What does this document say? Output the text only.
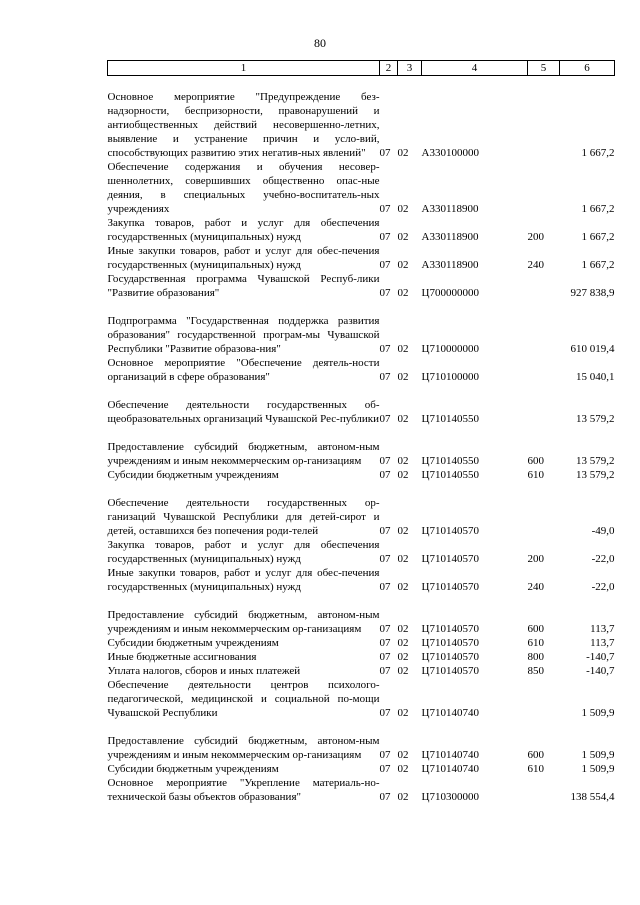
80
1	2	3	4	5	6
Основное мероприятие "Предупреждение без-надзорности, беспризорности, правонарушений и антиобщественных действий несовершенно-летних, выявление и устранение причин и усло-вий, способствующих развитию этих негатив-ных явлений"	07	02	А330100000		1 667,2
Обеспечение содержания и обучения несовер-шеннолетних, совершивших общественно опас-ные деяния, в специальных учебно-воспитатель-ных учреждениях	07	02	А330118900		1 667,2
Закупка товаров, работ и услуг для обеспечения государственных (муниципальных) нужд	07	02	А330118900	200	1 667,2
Иные закупки товаров, работ и услуг для обес-печения государственных (муниципальных) нужд	07	02	А330118900	240	1 667,2
Государственная программа Чувашской Респуб-лики "Развитие образования"	07	02	Ц700000000		927 838,9
Подпрограмма "Государственная поддержка развития образования" государственной програм-мы Чувашской Республики "Развитие образова-ния"	07	02	Ц710000000		610 019,4
Основное мероприятие "Обеспечение деятель-ности организаций в сфере образования"	07	02	Ц710100000		15 040,1
Обеспечение деятельности государственных об-щеобразовательных организаций Чувашской Рес-публики	07	02	Ц710140550		13 579,2
Предоставление субсидий бюджетным, автоном-ным учреждениям и иным некоммерческим ор-ганизациям	07	02	Ц710140550	600	13 579,2
Субсидии бюджетным учреждениям	07	02	Ц710140550	610	13 579,2
Обеспечение деятельности государственных ор-ганизаций Чувашской Республики для детей-сирот и детей, оставшихся без попечения роди-телей	07	02	Ц710140570		-49,0
Закупка товаров, работ и услуг для обеспечения государственных (муниципальных) нужд	07	02	Ц710140570	200	-22,0
Иные закупки товаров, работ и услуг для обес-печения государственных (муниципальных) нужд	07	02	Ц710140570	240	-22,0
Предоставление субсидий бюджетным, автоном-ным учреждениям и иным некоммерческим ор-ганизациям	07	02	Ц710140570	600	113,7
Субсидии бюджетным учреждениям	07	02	Ц710140570	610	113,7
Иные бюджетные ассигнования	07	02	Ц710140570	800	-140,7
Уплата налогов, сборов и иных платежей	07	02	Ц710140570	850	-140,7
Обеспечение деятельности центров психолого-педагогической, медицинской и социальной по-мощи Чувашской Республики	07	02	Ц710140740		1 509,9
Предоставление субсидий бюджетным, автоном-ным учреждениям и иным некоммерческим ор-ганизациям	07	02	Ц710140740	600	1 509,9
Субсидии бюджетным учреждениям	07	02	Ц710140740	610	1 509,9
Основное мероприятие "Укрепление материаль-но-технической базы объектов образования"	07	02	Ц710300000		138 554,4
